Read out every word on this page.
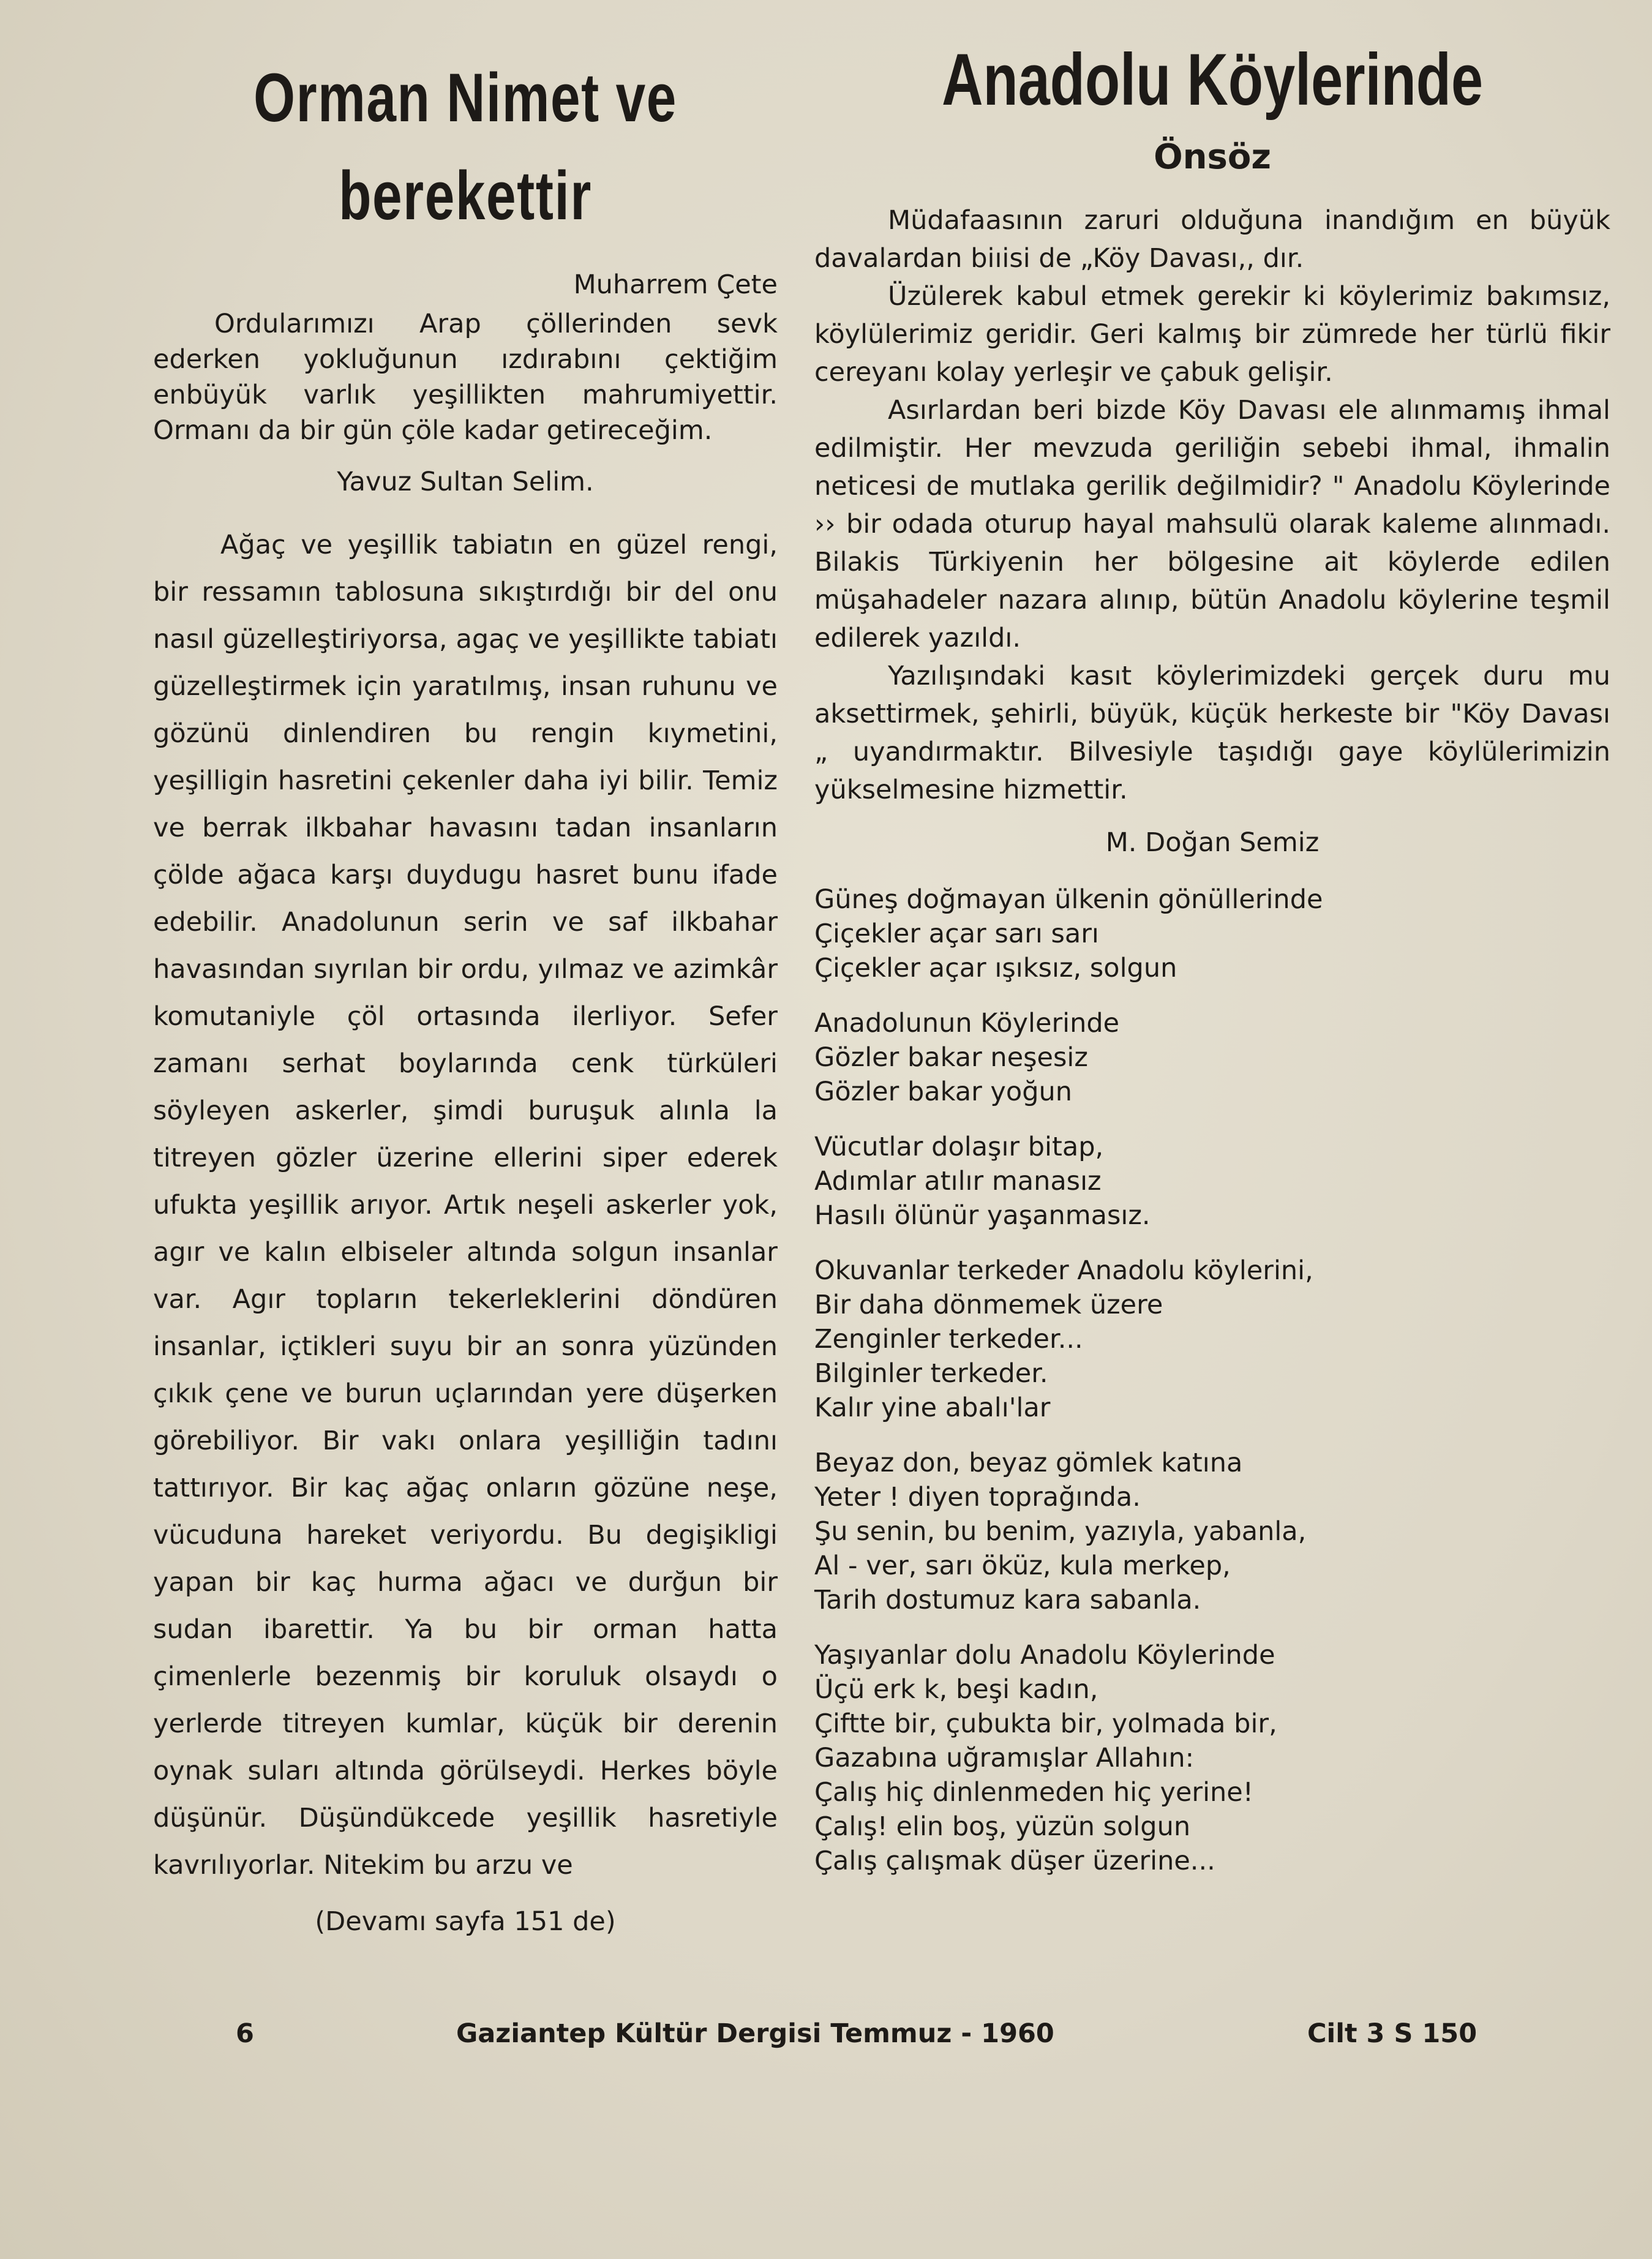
Orman Nimet ve
berekettir
Muharrem Çete

Ordularımızı Arap çöllerinden sevk ederken yokluğunun ızdırabını çektiğim enbüyük varlık yeşillikten mahrumiyettir. Ormanı da bir gün çöle kadar getireceğim.

Yavuz Sultan Selim.

Ağaç ve yeşillik tabiatın en güzel rengi, bir ressamın tablosuna sıkıştırdığı bir del onu nasıl güzelleştiriyorsa, agaç ve yeşillikte tabiatı güzelleştirmek için yaratılmış, insan ruhunu ve gözünü dinlendiren bu rengin kıymetini, yeşilligin hasretini çekenler daha iyi bilir. Temiz ve berrak ilkbahar havasını tadan insanların çölde ağaca karşı duydugu hasret bunu ifade edebilir. Anadolunun serin ve saf ilkbahar havasından sıyrılan bir ordu, yılmaz ve azimkâr komutaniyle çöl ortasında ilerliyor. Sefer zamanı serhat boylarında cenk türküleri söyleyen askerler, şimdi buruşuk alınla la titreyen gözler üzerine ellerini siper ederek ufukta yeşillik arıyor. Artık neşeli askerler yok, agır ve kalın elbiseler altında solgun insanlar var. Agır topların tekerleklerini döndüren insanlar, içtikleri suyu bir an sonra yüzünden çıkık çene ve burun uçlarından yere düşerken görebiliyor. Bir vakı onlara yeşilliğin tadını tattırıyor. Bir kaç ağaç onların gözüne neşe, vücuduna hareket veriyordu. Bu degişikligi yapan bir kaç hurma ağacı ve durğun bir sudan ibarettir. Ya bu bir orman hatta çimenlerle bezenmiş bir koruluk olsaydı o yerlerde titreyen kumlar, küçük bir derenin oynak suları altında görülseydi. Herkes böyle düşünür. Düşündükcede yeşillik hasretiyle kavrılıyorlar. Nitekim bu arzu ve

(Devamı sayfa 151 de)
Anadolu Köylerinde
Önsöz

Müdafaasının zaruri olduğuna inandığım en büyük davalardan biıisi de „Köy Davası,, dır.

Üzülerek kabul etmek gerekir ki köylerimiz bakımsız, köylülerimiz geridir. Geri kalmış bir zümrede her türlü fikir cereyanı kolay yerleşir ve çabuk gelişir.

Asırlardan beri bizde Köy Davası ele alınmamış ihmal edilmiştir. Her mevzuda geriliğin sebebi ihmal, ihmalin neticesi de mutlaka gerilik değilmidir? " Anadolu Köylerinde ›› bir odada oturup hayal mahsulü olarak kaleme alınmadı. Bilakis Türkiyenin her bölgesine ait köylerde edilen müşahadeler nazara alınıp, bütün Anadolu köylerine teşmil edilerek yazıldı.

Yazılışındaki kasıt köylerimizdeki gerçek duru mu aksettirmek, şehirli, büyük, küçük herkeste bir "Köy Davası „ uyandırmaktır. Bilvesiyle taşıdığı gaye köylülerimizin yükselmesine hizmettir.

M. Doğan Semiz
Güneş doğmayan ülkenin gönüllerinde
Çiçekler açar sarı sarı
Çiçekler açar ışıksız, solgun
Anadolunun Köylerinde
Gözler bakar neşesiz
Gözler bakar yoğun
Vücutlar dolaşır bitap,
Adımlar atılır manasız
Hasılı ölünür yaşanmasız.
Okuvanlar terkeder Anadolu köylerini,
Bir daha dönmemek üzere
Zenginler terkeder...
Bilginler terkeder.
Kalır yine abalı'lar
Beyaz don, beyaz gömlek katına
Yeter ! diyen toprağında.
Şu senin, bu benim, yazıyla, yabanla,
Al - ver, sarı öküz, kula merkep,
Tarih dostumuz kara sabanla.
Yaşıyanlar dolu Anadolu Köylerinde
Üçü erk k, beşi kadın,
Çiftte bir, çubukta bir, yolmada bir,
Gazabına uğramışlar Allahın:
Çalış hiç dinlenmeden hiç yerine!
Çalış! elin boş, yüzün solgun
Çalış çalışmak düşer üzerine...
6	Gaziantep Kültür Dergisi Temmuz - 1960	Cilt 3 S 150
